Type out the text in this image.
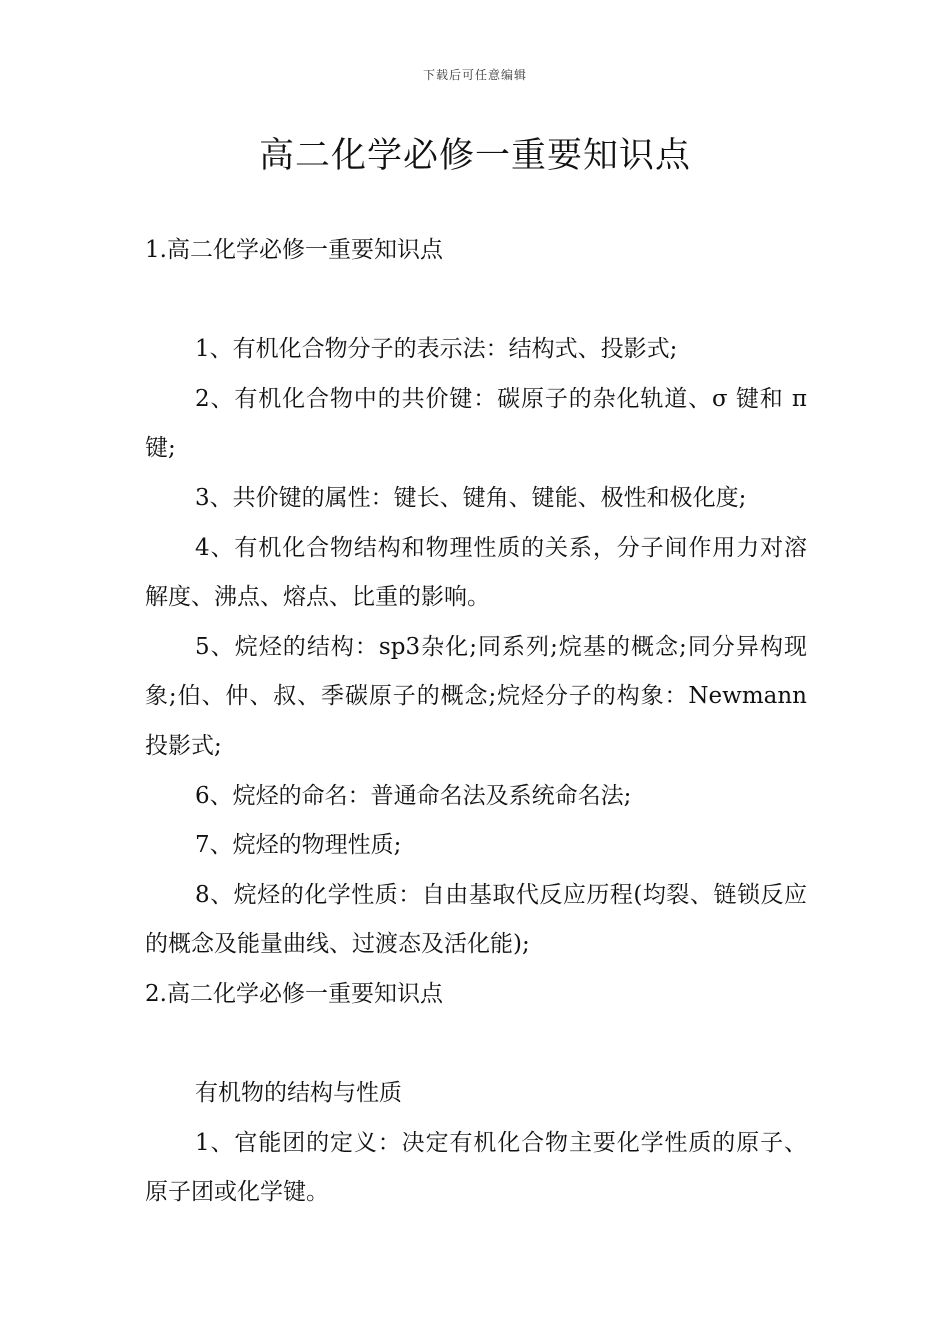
下载后可任意编辑
高二化学必修一重要知识点

1.高二化学必修一重要知识点

1、有机化合物分子的表示法：结构式、投影式;

2、有机化合物中的共价键：碳原子的杂化轨道、σ 键和 π 键;

3、共价键的属性：键长、键角、键能、极性和极化度;

4、有机化合物结构和物理性质的关系，分子间作用力对溶解度、沸点、熔点、比重的影响。

5、烷烃的结构：sp3杂化;同系列;烷基的概念;同分异构现象;伯、仲、叔、季碳原子的概念;烷烃分子的构象：Newmann投影式;

6、烷烃的命名：普通命名法及系统命名法;

7、烷烃的物理性质;

8、烷烃的化学性质：自由基取代反应历程(均裂、链锁反应的概念及能量曲线、过渡态及活化能);

2.高二化学必修一重要知识点

有机物的结构与性质

1、官能团的定义：决定有机化合物主要化学性质的原子、原子团或化学键。
